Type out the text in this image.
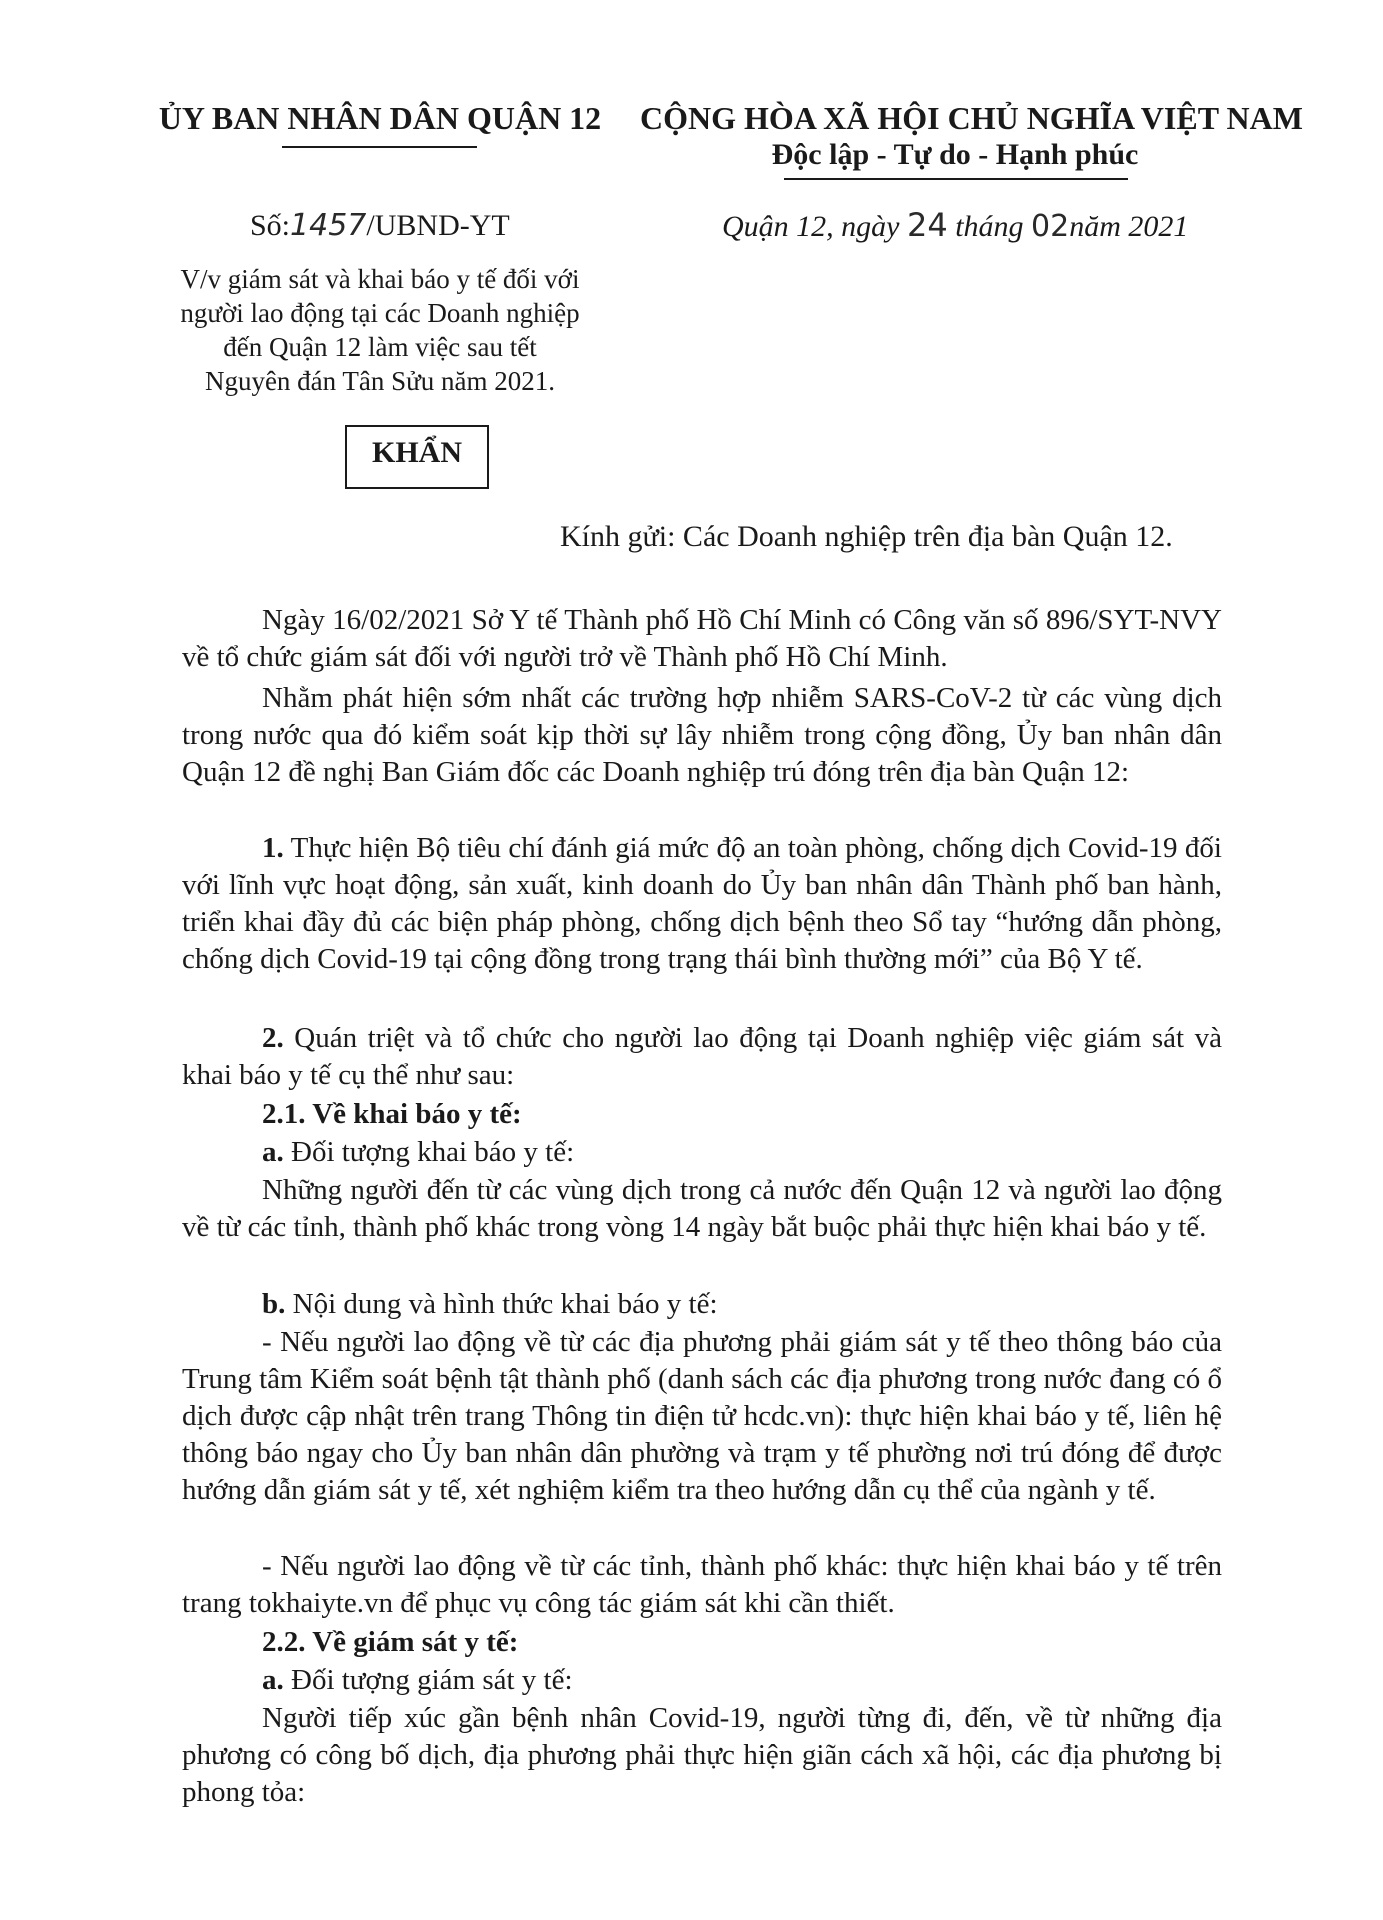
ỦY BAN NHÂN DÂN QUẬN 12 CỘNG HÒA XÃ HỘI CHỦ NGHĨA VIỆT NAM
Độc lập - Tự do - Hạnh phúc
Số:1457/UBND-YT	Quận 12, ngày 24 tháng 02năm 2021
V/v giám sát và khai báo y tế đối với
người lao động tại các Doanh nghiệp
đến Quận 12 làm việc sau tết
Nguyên đán Tân Sửu năm 2021.
KHẨN
Kính gửi: Các Doanh nghiệp trên địa bàn Quận 12.

Ngày 16/02/2021 Sở Y tế Thành phố Hồ Chí Minh có Công văn số 896/SYT-NVY về tổ chức giám sát đối với người trở về Thành phố Hồ Chí Minh.

Nhằm phát hiện sớm nhất các trường hợp nhiễm SARS-CoV-2 từ các vùng dịch trong nước qua đó kiểm soát kịp thời sự lây nhiễm trong cộng đồng, Ủy ban nhân dân Quận 12 đề nghị Ban Giám đốc các Doanh nghiệp trú đóng trên địa bàn Quận 12:

1. Thực hiện Bộ tiêu chí đánh giá mức độ an toàn phòng, chống dịch Covid-19 đối với lĩnh vực hoạt động, sản xuất, kinh doanh do Ủy ban nhân dân Thành phố ban hành, triển khai đầy đủ các biện pháp phòng, chống dịch bệnh theo Sổ tay “hướng dẫn phòng, chống dịch Covid-19 tại cộng đồng trong trạng thái bình thường mới” của Bộ Y tế.

2. Quán triệt và tổ chức cho người lao động tại Doanh nghiệp việc giám sát và khai báo y tế cụ thể như sau:

2.1. Về khai báo y tế:

a. Đối tượng khai báo y tế:

Những người đến từ các vùng dịch trong cả nước đến Quận 12 và người lao động về từ các tỉnh, thành phố khác trong vòng 14 ngày bắt buộc phải thực hiện khai báo y tế.

b. Nội dung và hình thức khai báo y tế:

- Nếu người lao động về từ các địa phương phải giám sát y tế theo thông báo của Trung tâm Kiểm soát bệnh tật thành phố (danh sách các địa phương trong nước đang có ổ dịch được cập nhật trên trang Thông tin điện tử hcdc.vn): thực hiện khai báo y tế, liên hệ thông báo ngay cho Ủy ban nhân dân phường và trạm y tế phường nơi trú đóng để được hướng dẫn giám sát y tế, xét nghiệm kiểm tra theo hướng dẫn cụ thể của ngành y tế.

- Nếu người lao động về từ các tỉnh, thành phố khác: thực hiện khai báo y tế trên trang tokhaiyte.vn để phục vụ công tác giám sát khi cần thiết.

2.2. Về giám sát y tế:

a. Đối tượng giám sát y tế:

Người tiếp xúc gần bệnh nhân Covid-19, người từng đi, đến, về từ những địa phương có công bố dịch, địa phương phải thực hiện giãn cách xã hội, các địa phương bị phong tỏa:
